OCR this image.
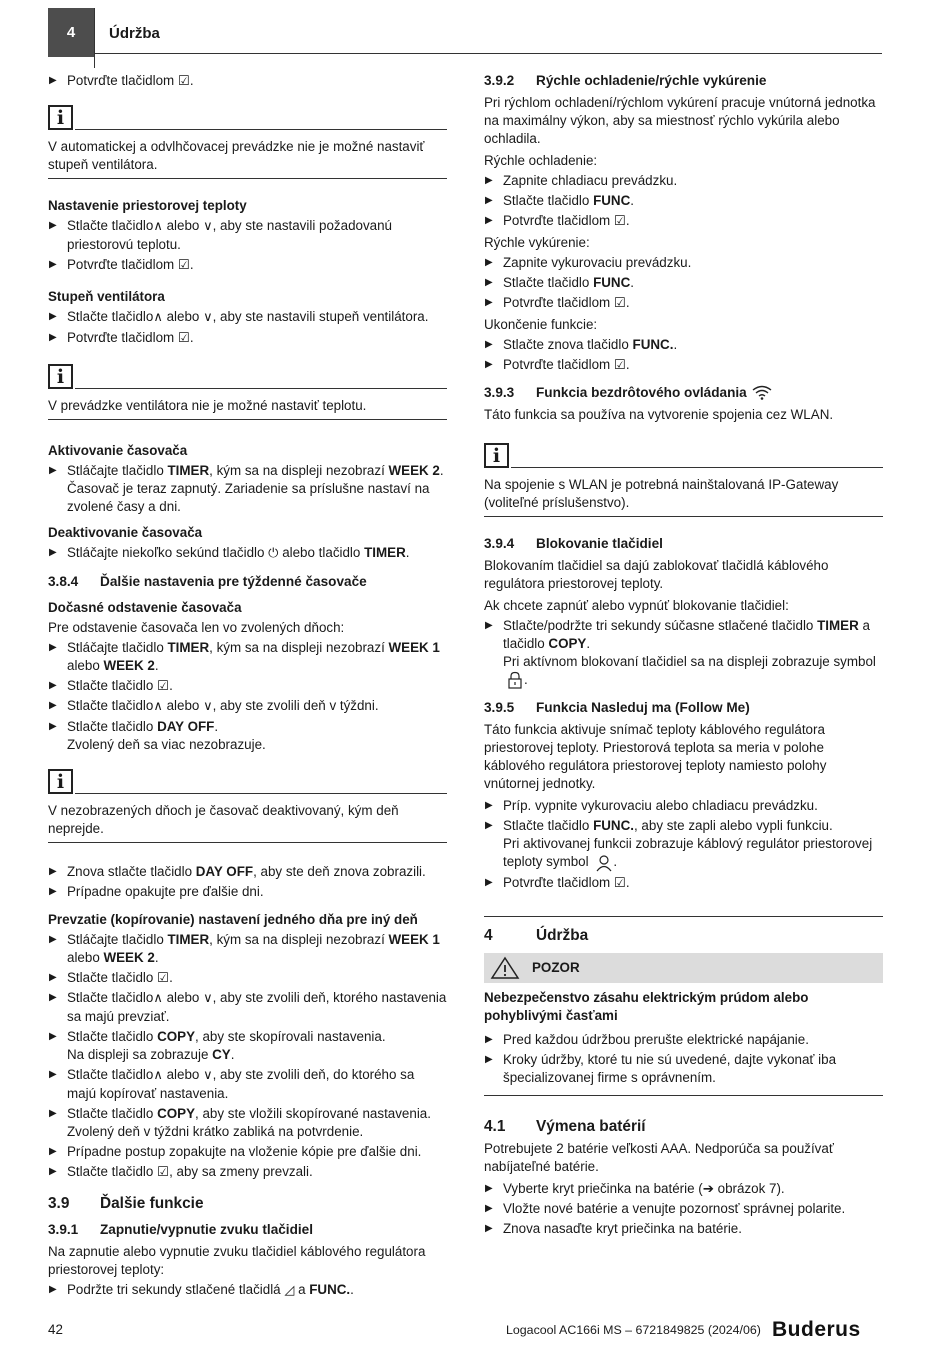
4 Údržba
▶ Potvrďte tlačidlom ☑.
i
V automatickej a odvlhčovacej prevádzke nie je možné nastaviť stupeň ventilátora.
Nastavenie priestorovej teploty
▶ Stlačte tlačidlo∧ alebo ∨, aby ste nastavili požadovanú priestorovú teplotu.
▶ Potvrďte tlačidlom ☑.
Stupeň ventilátora
▶ Stlačte tlačidlo∧ alebo ∨, aby ste nastavili stupeň ventilátora.
▶ Potvrďte tlačidlom ☑.
i
V prevádzke ventilátora nie je možné nastaviť teplotu.
Aktivovanie časovača
▶ Stláčajte tlačidlo TIMER, kým sa na displeji nezobrazí WEEK 2. Časovač je teraz zapnutý. Zariadenie sa príslušne nastaví na zvolené časy a dni.
Deaktivovanie časovača
▶ Stláčajte niekoľko sekúnd tlačidlo ⏻ alebo tlačidlo TIMER.
3.8.4	Ďalšie nastavenia pre týždenné časovače
Dočasné odstavenie časovača
Pre odstavenie časovača len vo zvolených dňoch:
▶ Stláčajte tlačidlo TIMER, kým sa na displeji nezobrazí WEEK 1 alebo WEEK 2.
▶ Stlačte tlačidlo ☑.
▶ Stlačte tlačidlo∧ alebo ∨, aby ste zvolili deň v týždni.
▶ Stlačte tlačidlo DAY OFF.
Zvolený deň sa viac nezobrazuje.
i
V nezobrazených dňoch je časovač deaktivovaný, kým deň neprejde.
▶ Znova stlačte tlačidlo DAY OFF, aby ste deň znova zobrazili.
▶ Prípadne opakujte pre ďalšie dni.
Prevzatie (kopírovanie) nastavení jedného dňa pre iný deň
▶ Stláčajte tlačidlo TIMER, kým sa na displeji nezobrazí WEEK 1 alebo WEEK 2.
▶ Stlačte tlačidlo ☑.
▶ Stlačte tlačidlo∧ alebo ∨, aby ste zvolili deň, ktorého nastavenia sa majú prevziať.
▶ Stlačte tlačidlo COPY, aby ste skopírovali nastavenia.
Na displeji sa zobrazuje CY.
▶ Stlačte tlačidlo∧ alebo ∨, aby ste zvolili deň, do ktorého sa majú kopírovať nastavenia.
▶ Stlačte tlačidlo COPY, aby ste vložili skopírované nastavenia.
Zvolený deň v týždni krátko zabliká na potvrdenie.
▶ Prípadne postup zopakujte na vloženie kópie pre ďalšie dni.
▶ Stlačte tlačidlo ☑, aby sa zmeny prevzali.
3.9	Ďalšie funkcie
3.9.1	Zapnutie/vypnutie zvuku tlačidiel
Na zapnutie alebo vypnutie zvuku tlačidiel káblového regulátora priestorovej teploty:
▶ Podržte tri sekundy stlačené tlačidlá ◿ a FUNC..
3.9.2	Rýchle ochladenie/rýchle vykúrenie
Pri rýchlom ochladení/rýchlom vykúrení pracuje vnútorná jednotka na maximálny výkon, aby sa miestnosť rýchlo vykúrila alebo ochladila.
Rýchle ochladenie:
▶ Zapnite chladiacu prevádzku.
▶ Stlačte tlačidlo FUNC.
▶ Potvrďte tlačidlom ☑.
Rýchle vykúrenie:
▶ Zapnite vykurovaciu prevádzku.
▶ Stlačte tlačidlo FUNC.
▶ Potvrďte tlačidlom ☑.
Ukončenie funkcie:
▶ Stlačte znova tlačidlo FUNC..
▶ Potvrďte tlačidlom ☑.
3.9.3	Funkcia bezdrôtového ovládania
Táto funkcia sa používa na vytvorenie spojenia cez WLAN.
i
Na spojenie s WLAN je potrebná nainštalovaná IP-Gateway (voliteľné príslušenstvo).
3.9.4	Blokovanie tlačidiel
Blokovaním tlačidiel sa dajú zablokovať tlačidlá káblového regulátora priestorovej teploty.
Ak chcete zapnúť alebo vypnúť blokovanie tlačidiel:
▶ Stlačte/podržte tri sekundy súčasne stlačené tlačidlo TIMER a tlačidlo COPY.
Pri aktívnom blokovaní tlačidiel sa na displeji zobrazuje symbol .
3.9.5	Funkcia Nasleduj ma (Follow Me)
Táto funkcia aktivuje snímač teploty káblového regulátora priestorovej teploty. Priestorová teplota sa meria v polohe káblového regulátora priestorovej teploty namiesto polohy vnútornej jednotky.
▶ Príp. vypnite vykurovaciu alebo chladiacu prevádzku.
▶ Stlačte tlačidlo FUNC., aby ste zapli alebo vypli funkciu.
Pri aktivovanej funkcii zobrazuje káblový regulátor priestorovej teploty symbol .
▶ Potvrďte tlačidlom ☑.
4	Údržba
POZOR
Nebezpečenstvo zásahu elektrickým prúdom alebo pohyblivými časťami
▶ Pred každou údržbou prerušte elektrické napájanie.
▶ Kroky údržby, ktoré tu nie sú uvedené, dajte vykonať iba špecializovanej firme s oprávnením.
4.1	Výmena batérií
Potrebujete 2 batérie veľkosti AAA. Nedporúča sa používať nabíjateľné batérie.
▶ Vyberte kryt priečinka na batérie (➔ obrázok 7).
▶ Vložte nové batérie a venujte pozornosť správnej polarite.
▶ Znova nasaďte kryt priečinka na batérie.
42	Logacool AC166i MS – 6721849825 (2024/06) Buderus
